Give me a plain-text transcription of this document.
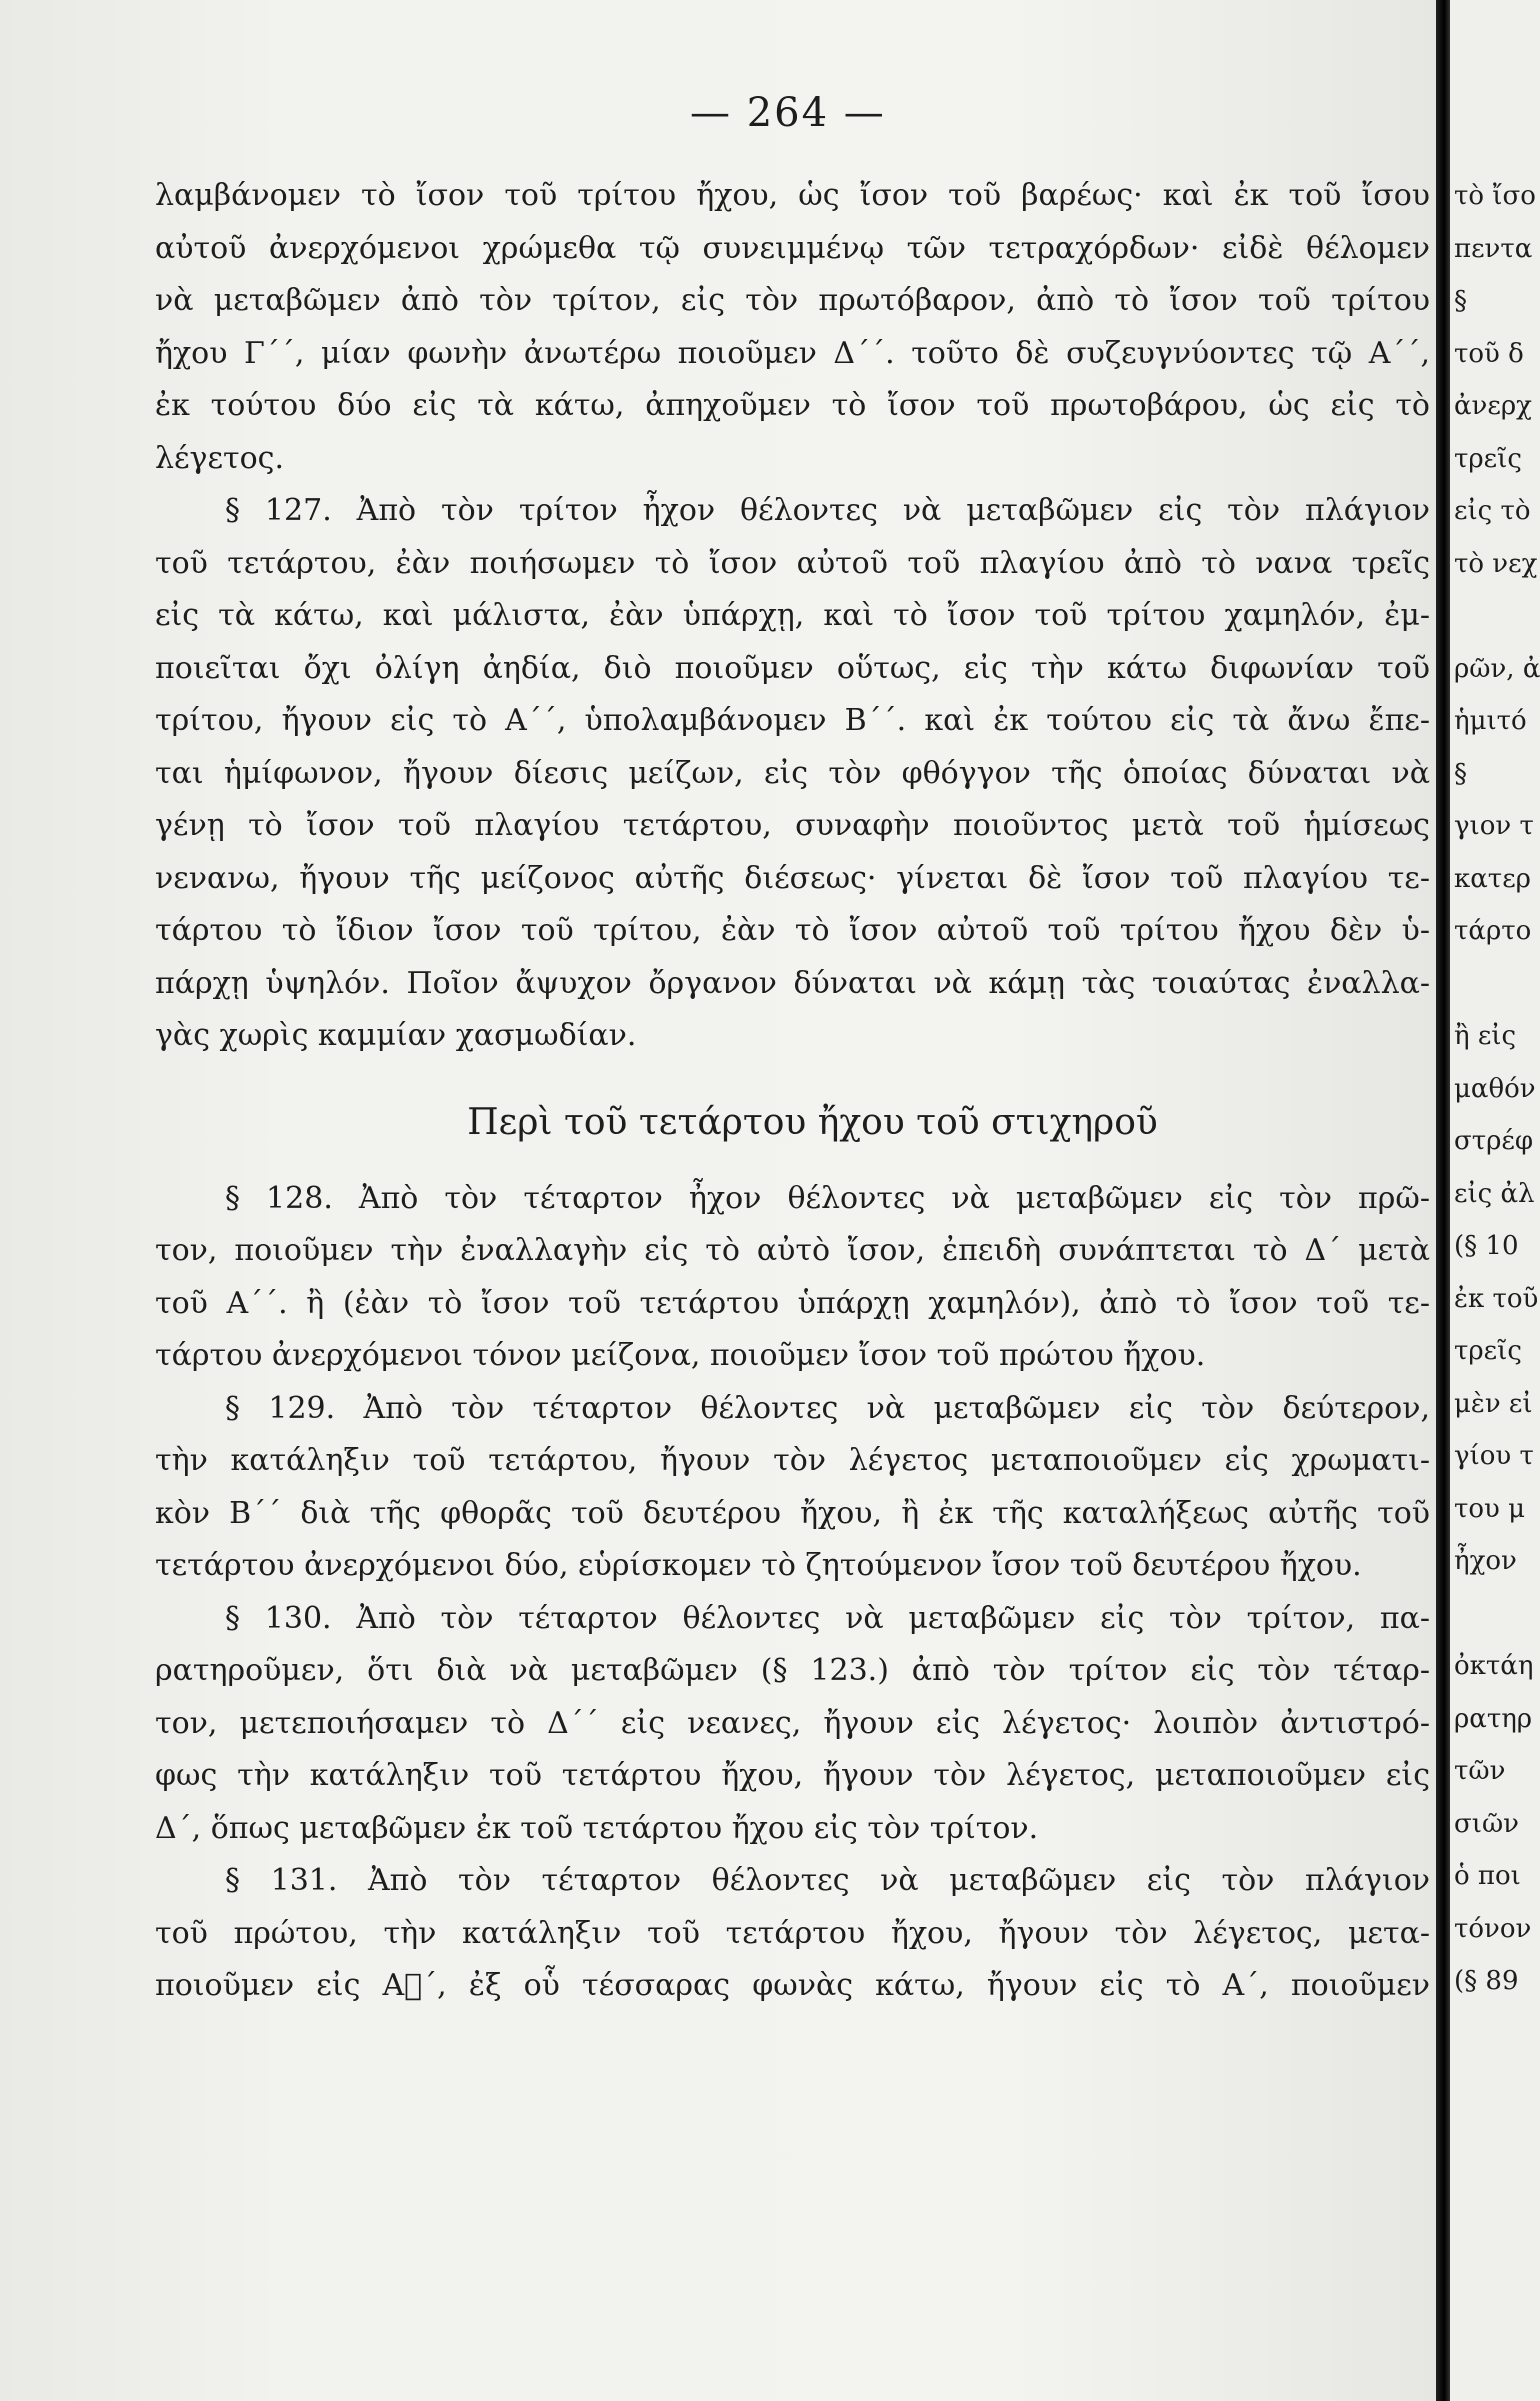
— 264 —
λαμβάνομεν τὸ ἴσον τοῦ τρίτου ἤχου, ὡς ἴσον τοῦ βαρέως· καὶ ἐκ τοῦ ἴσου
αὐτοῦ ἀνερχόμενοι χρώμεθα τῷ συνειμμένῳ τῶν τετραχόρδων· εἰδὲ θέλομεν
νὰ μεταβῶμεν ἀπὸ τὸν τρίτον, εἰς τὸν πρωτόβαρον, ἀπὸ τὸ ἴσον τοῦ τρίτου
ἤχου Γ΄΄, μίαν φωνὴν ἀνωτέρω ποιοῦμεν Δ΄΄. τοῦτο δὲ συζευγνύοντες τῷ Α΄΄,
ἐκ τούτου δύο εἰς τὰ κάτω, ἀπηχοῦμεν τὸ ἴσον τοῦ πρωτοβάρου, ὡς εἰς τὸ
λέγετος.
§ 127. Ἀπὸ τὸν τρίτον ἦχον θέλοντες νὰ μεταβῶμεν εἰς τὸν πλάγιον
τοῦ τετάρτου, ἐὰν ποιήσωμεν τὸ ἴσον αὐτοῦ τοῦ πλαγίου ἀπὸ τὸ νανα τρεῖς
εἰς τὰ κάτω, καὶ μάλιστα, ἐὰν ὑπάρχῃ, καὶ τὸ ἴσον τοῦ τρίτου χαμηλόν, ἐμ-
ποιεῖται ὄχι ὀλίγη ἀηδία, διὸ ποιοῦμεν οὕτως, εἰς τὴν κάτω διφωνίαν τοῦ
τρίτου, ἤγουν εἰς τὸ Α΄΄, ὑπολαμβάνομεν Β΄΄. καὶ ἐκ τούτου εἰς τὰ ἄνω ἔπε-
ται ἡμίφωνον, ἤγουν δίεσις μείζων, εἰς τὸν φθόγγον τῆς ὁποίας δύναται νὰ
γένῃ τὸ ἴσον τοῦ πλαγίου τετάρτου, συναφὴν ποιοῦντος μετὰ τοῦ ἡμίσεως
νενανω, ἤγουν τῆς μείζονος αὐτῆς διέσεως· γίνεται δὲ ἴσον τοῦ πλαγίου τε-
τάρτου τὸ ἴδιον ἴσον τοῦ τρίτου, ἐὰν τὸ ἴσον αὐτοῦ τοῦ τρίτου ἤχου δὲν ὑ-
πάρχῃ ὑψηλόν. Ποῖον ἄψυχον ὄργανον δύναται νὰ κάμῃ τὰς τοιαύτας ἐναλλα-
γὰς χωρὶς καμμίαν χασμωδίαν.
Περὶ τοῦ τετάρτου ἤχου τοῦ στιχηροῦ
§ 128. Ἀπὸ τὸν τέταρτον ἦχον θέλοντες νὰ μεταβῶμεν εἰς τὸν πρῶ-
τον, ποιοῦμεν τὴν ἐναλλαγὴν εἰς τὸ αὐτὸ ἴσον, ἐπειδὴ συνάπτεται τὸ Δ΄ μετὰ
τοῦ Α΄΄. ἢ (ἐὰν τὸ ἴσον τοῦ τετάρτου ὑπάρχῃ χαμηλόν), ἀπὸ τὸ ἴσον τοῦ τε-
τάρτου ἀνερχόμενοι τόνον μείζονα, ποιοῦμεν ἴσον τοῦ πρώτου ἤχου.
§ 129. Ἀπὸ τὸν τέταρτον θέλοντες νὰ μεταβῶμεν εἰς τὸν δεύτερον,
τὴν κατάληξιν τοῦ τετάρτου, ἤγουν τὸν λέγετος μεταποιοῦμεν εἰς χρωματι-
κὸν Β΄΄ διὰ τῆς φθορᾶς τοῦ δευτέρου ἤχου, ἢ ἐκ τῆς καταλήξεως αὐτῆς τοῦ
τετάρτου ἀνερχόμενοι δύο, εὑρίσκομεν τὸ ζητούμενον ἴσον τοῦ δευτέρου ἤχου.
§ 130. Ἀπὸ τὸν τέταρτον θέλοντες νὰ μεταβῶμεν εἰς τὸν τρίτον, πα-
ρατηροῦμεν, ὅτι διὰ νὰ μεταβῶμεν (§ 123.) ἀπὸ τὸν τρίτον εἰς τὸν τέταρ-
τον, μετεποιήσαμεν τὸ Δ΄΄ εἰς νεανες, ἤγουν εἰς λέγετος· λοιπὸν ἀντιστρό-
φως τὴν κατάληξιν τοῦ τετάρτου ἤχου, ἤγουν τὸν λέγετος, μεταποιοῦμεν εἰς
Δ΄, ὅπως μεταβῶμεν ἐκ τοῦ τετάρτου ἤχου εἰς τὸν τρίτον.
§ 131. Ἀπὸ τὸν τέταρτον θέλοντες νὰ μεταβῶμεν εἰς τὸν πλάγιον
τοῦ πρώτου, τὴν κατάληξιν τοῦ τετάρτου ἤχου, ἤγουν τὸν λέγετος, μετα-
ποιοῦμεν εἰς Α᪲΄, ἐξ οὗ τέσσαρας φωνὰς κάτω, ἤγουν εἰς τὸ Α΄, ποιοῦμεν
τὸ ἴσο
πεντα
§
τοῦ δ
ἀνερχ
τρεῖς
εἰς τὸ
τὸ νεχ
ρῶν, ἀ
ἡμιτό
§
γιον τ
κατερ
τάρτο
ἢ εἰς
μαθόν
στρέφ
εἰς ἀλ
(§ 10
ἐκ τοῦ
τρεῖς
μὲν εἰ
γίου τ
του μ
ἦχον
ὀκτάη
ρατηρ
τῶν
σιῶν
ὁ ποι
τόνον
(§ 89
